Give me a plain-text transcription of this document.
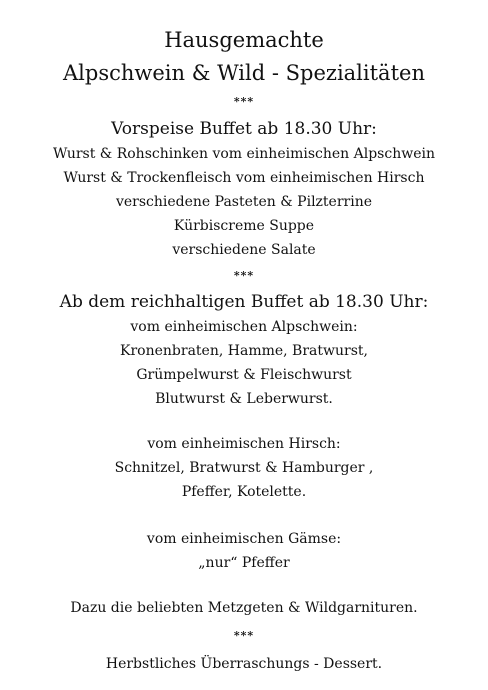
Hausgemachte
Alpschwein & Wild - Spezialitäten
***
Vorspeise Buffet ab 18.30 Uhr:
Wurst & Rohschinken vom einheimischen Alpschwein
Wurst & Trockenfleisch vom einheimischen Hirsch
verschiedene Pasteten & Pilzterrine
Kürbiscreme Suppe
verschiedene Salate
***
Ab dem reichhaltigen Buffet ab 18.30 Uhr:
vom einheimischen Alpschwein:
Kronenbraten, Hamme, Bratwurst,
Grümpelwurst & Fleischwurst
Blutwurst & Leberwurst.
vom einheimischen Hirsch:
Schnitzel, Bratwurst & Hamburger ,
Pfeffer, Kotelette.
vom einheimischen Gämse:
„nur“ Pfeffer
Dazu die beliebten Metzgeten & Wildgarnituren.
***
Herbstliches Überraschungs - Dessert.
